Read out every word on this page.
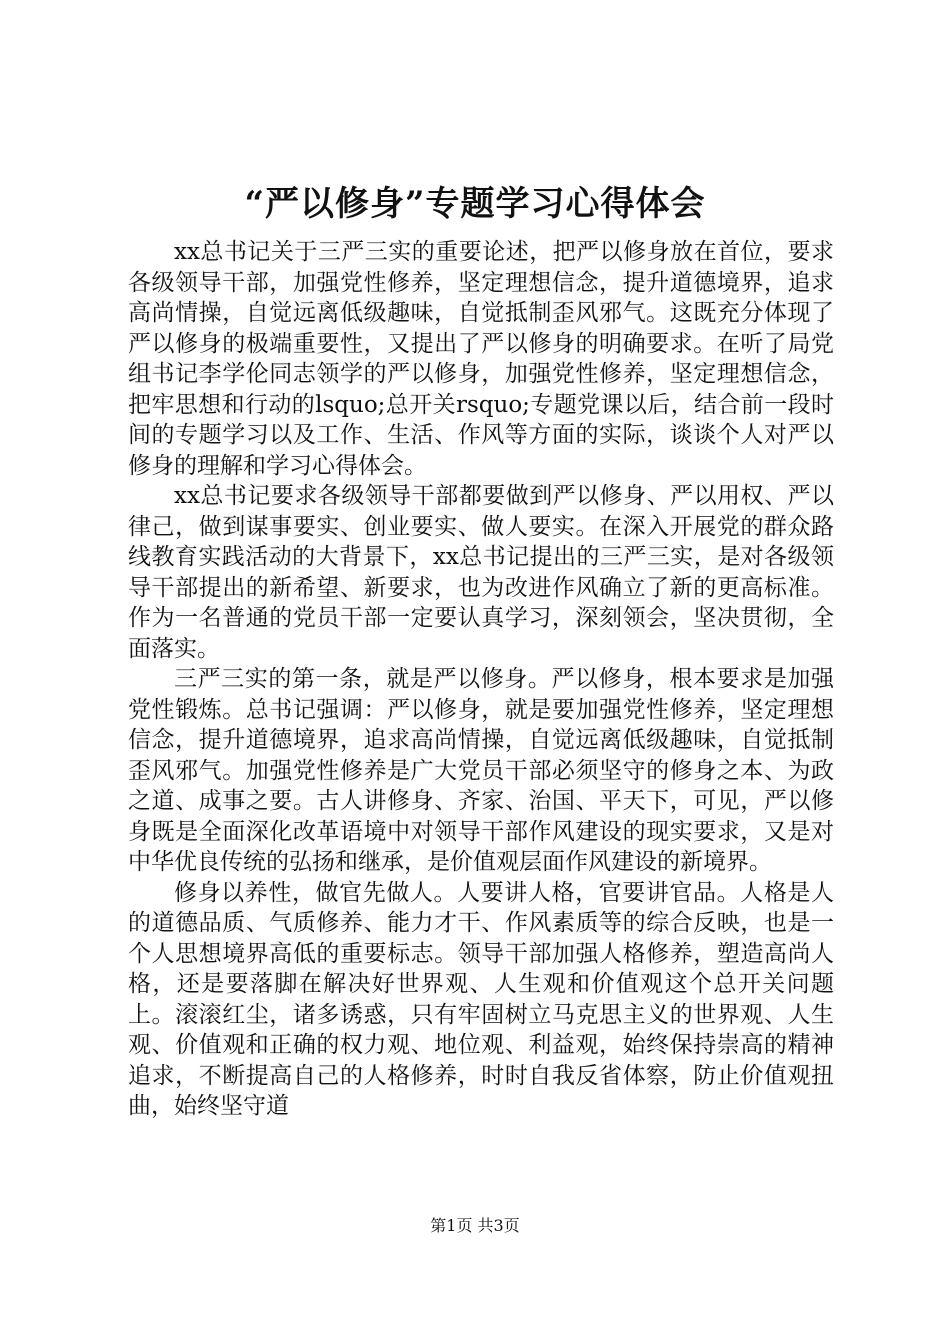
“严以修身”专题学习心得体会

xx总书记关于三严三实的重要论述，把严以修身放在首位，要求各级领导干部，加强党性修养，坚定理想信念，提升道德境界，追求高尚情操，自觉远离低级趣味，自觉抵制歪风邪气。这既充分体现了严以修身的极端重要性，又提出了严以修身的明确要求。在听了局党组书记李学伦同志领学的严以修身，加强党性修养，坚定理想信念，把牢思想和行动的lsquo;总开关rsquo;专题党课以后，结合前一段时间的专题学习以及工作、生活、作风等方面的实际，谈谈个人对严以修身的理解和学习心得体会。

xx总书记要求各级领导干部都要做到严以修身、严以用权、严以律己，做到谋事要实、创业要实、做人要实。在深入开展党的群众路线教育实践活动的大背景下，xx总书记提出的三严三实，是对各级领导干部提出的新希望、新要求，也为改进作风确立了新的更高标准。作为一名普通的党员干部一定要认真学习，深刻领会，坚决贯彻，全面落实。

三严三实的第一条，就是严以修身。严以修身，根本要求是加强党性锻炼。总书记强调：严以修身，就是要加强党性修养，坚定理想信念，提升道德境界，追求高尚情操，自觉远离低级趣味，自觉抵制歪风邪气。加强党性修养是广大党员干部必须坚守的修身之本、为政之道、成事之要。古人讲修身、齐家、治国、平天下，可见，严以修身既是全面深化改革语境中对领导干部作风建设的现实要求，又是对中华优良传统的弘扬和继承，是价值观层面作风建设的新境界。

修身以养性，做官先做人。人要讲人格，官要讲官品。人格是人的道德品质、气质修养、能力才干、作风素质等的综合反映，也是一个人思想境界高低的重要标志。领导干部加强人格修养，塑造高尚人格，还是要落脚在解决好世界观、人生观和价值观这个总开关问题上。滚滚红尘，诸多诱惑，只有牢固树立马克思主义的世界观、人生观、价值观和正确的权力观、地位观、利益观，始终保持崇高的精神追求，不断提高自己的人格修养，时时自我反省体察，防止价值观扭曲，始终坚守道

第1页 共3页
